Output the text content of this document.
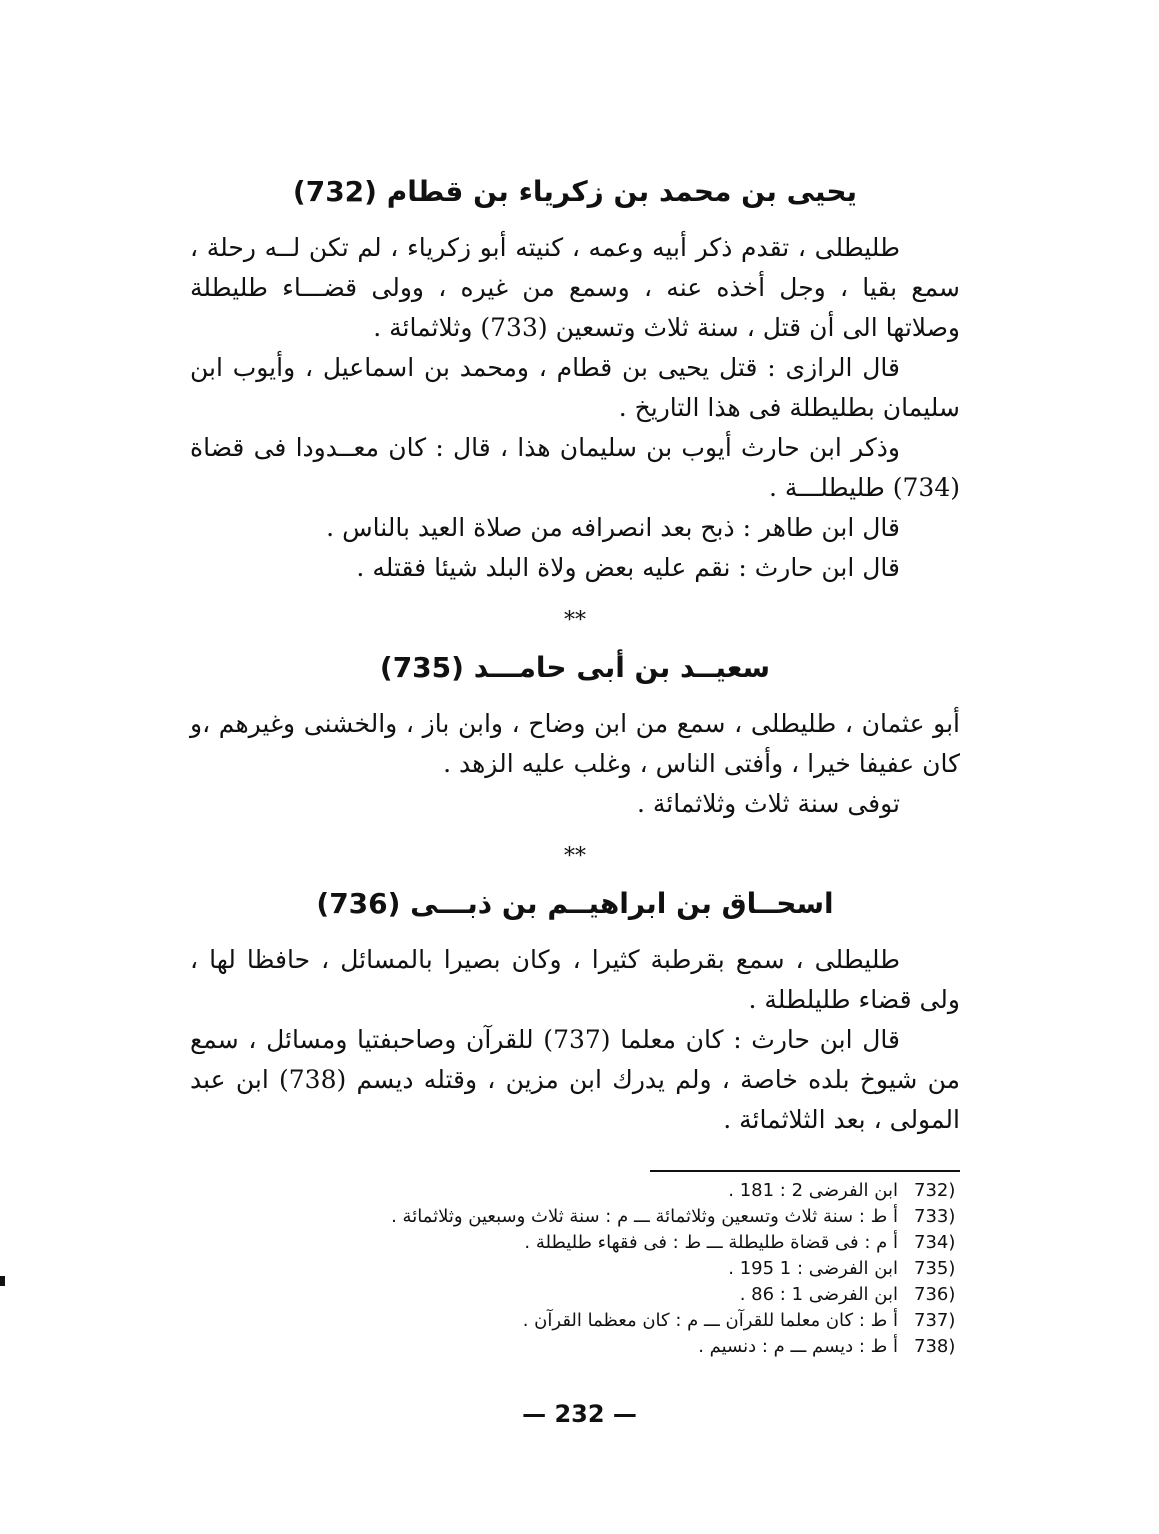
يحيى بن محمد بن زكرياء بن قطام (732)

طليطلى ، تقدم ذكر أبيه وعمه ، كنيته أبو زكرياء ، لم تكن لــه رحلة ، سمع بقيا ، وجل أخذه عنه ، وسمع من غيره ، وولى قضـــاء طليطلة وصلاتها الى أن قتل ، سنة ثلاث وتسعين (733) وثلاثمائة .

قال الرازى : قتل يحيى بن قطام ، ومحمد بن اسماعيل ، وأيوب ابن سليمان بطليطلة فى هذا التاريخ .

وذكر ابن حارث أيوب بن سليمان هذا ، قال : كان معــدودا فى قضاة (734) طليطلـــة .

قال ابن طاهر : ذبح بعد انصرافه من صلاة العيد بالناس .

قال ابن حارث : نقم عليه بعض ولاة البلد شيئا فقتله .

**
سعيــد بن أبى حامـــد (735)

أبو عثمان ، طليطلى ، سمع من ابن وضاح ، وابن باز ، والخشنى وغيرهم ،و كان عفيفا خيرا ، وأفتى الناس ، وغلب عليه الزهد .

توفى سنة ثلاث وثلاثمائة .

**
اسحــاق بن ابراهيــم بن ذبـــى (736)

طليطلى ، سمع بقرطبة كثيرا ، وكان بصيرا بالمسائل ، حافظا لها ، ولى قضاء طليلطلة .

قال ابن حارث : كان معلما (737) للقرآن وصاحبفتيا ومسائل ، سمع من شيوخ بلده خاصة ، ولم يدرك ابن مزين ، وقتله ديسم (738) ابن عبد المولى ، بعد الثلاثمائة .

732)
ابن الفرضى 2 : 181 .
733)
أ ط : سنة ثلاث وتسعين وثلاثمائة ـــ م : سنة ثلاث وسبعين وثلاثمائة .
734)
أ م : فى قضاة طليطلة ـــ ط : فى فقهاء طليطلة .
735)
ابن الفرضى : 1 195 .
736)
ابن الفرضى 1 : 86 .
737)
أ ط : كان معلما للقرآن ـــ م : كان معظما القرآن .
738)
أ ط : ديسم ـــ م : دنسيم .
— 232 —
